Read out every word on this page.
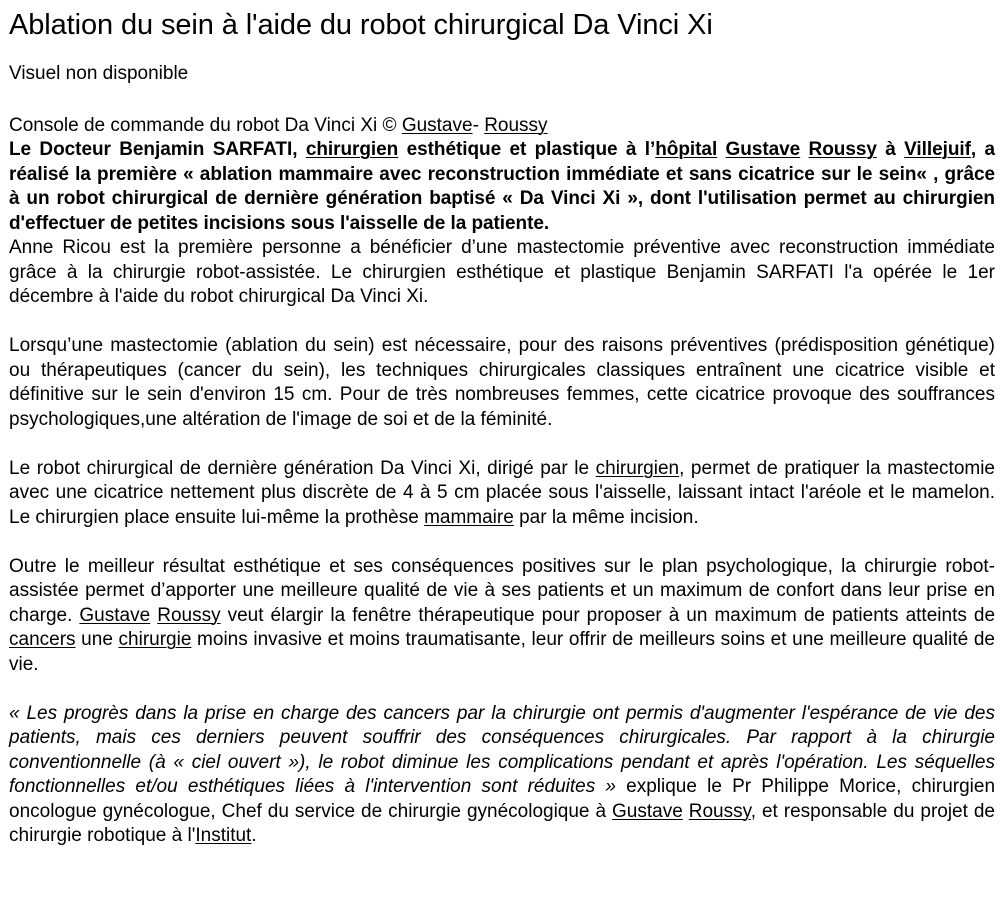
Ablation du sein à l'aide du robot chirurgical Da Vinci Xi
Visuel non disponible
Console de commande du robot Da Vinci Xi © Gustave- Roussy

Le Docteur Benjamin SARFATI, chirurgien esthétique et plastique à l’hôpital Gustave Roussy à Villejuif, a réalisé la première « ablation mammaire avec reconstruction immédiate et sans cicatrice sur le sein« , grâce à un robot chirurgical de dernière génération baptisé « Da Vinci Xi », dont l'utilisation permet au chirurgien d'effectuer de petites incisions sous l'aisselle de la patiente.

Anne Ricou est la première personne a bénéficier d’une mastectomie préventive avec reconstruction immédiate grâce à la chirurgie robot-assistée. Le chirurgien esthétique et plastique Benjamin SARFATI l'a opérée le 1er décembre à l'aide du robot chirurgical Da Vinci Xi.

Lorsqu’une mastectomie (ablation du sein) est nécessaire, pour des raisons préventives (prédisposition génétique) ou thérapeutiques (cancer du sein), les techniques chirurgicales classiques entraînent une cicatrice visible et définitive sur le sein d'environ 15 cm. Pour de très nombreuses femmes, cette cicatrice provoque des souffrances psychologiques,une altération de l'image de soi et de la féminité.

Le robot chirurgical de dernière génération Da Vinci Xi, dirigé par le chirurgien, permet de pratiquer la mastectomie avec une cicatrice nettement plus discrète de 4 à 5 cm placée sous l'aisselle, laissant intact l'aréole et le mamelon. Le chirurgien place ensuite lui-même la prothèse mammaire par la même incision.

Outre le meilleur résultat esthétique et ses conséquences positives sur le plan psychologique, la chirurgie robot-assistée permet d’apporter une meilleure qualité de vie à ses patients et un maximum de confort dans leur prise en charge. Gustave Roussy veut élargir la fenêtre thérapeutique pour proposer à un maximum de patients atteints de cancers une chirurgie moins invasive et moins traumatisante, leur offrir de meilleurs soins et une meilleure qualité de vie.

« Les progrès dans la prise en charge des cancers par la chirurgie ont permis d'augmenter l'espérance de vie des patients, mais ces derniers peuvent souffrir des conséquences chirurgicales. Par rapport à la chirurgie conventionnelle (à « ciel ouvert »), le robot diminue les complications pendant et après l'opération. Les séquelles fonctionnelles et/ou esthétiques liées à l'intervention sont réduites » explique le Pr Philippe Morice, chirurgien oncologue gynécologue, Chef du service de chirurgie gynécologique à Gustave Roussy, et responsable du projet de chirurgie robotique à l'Institut.
